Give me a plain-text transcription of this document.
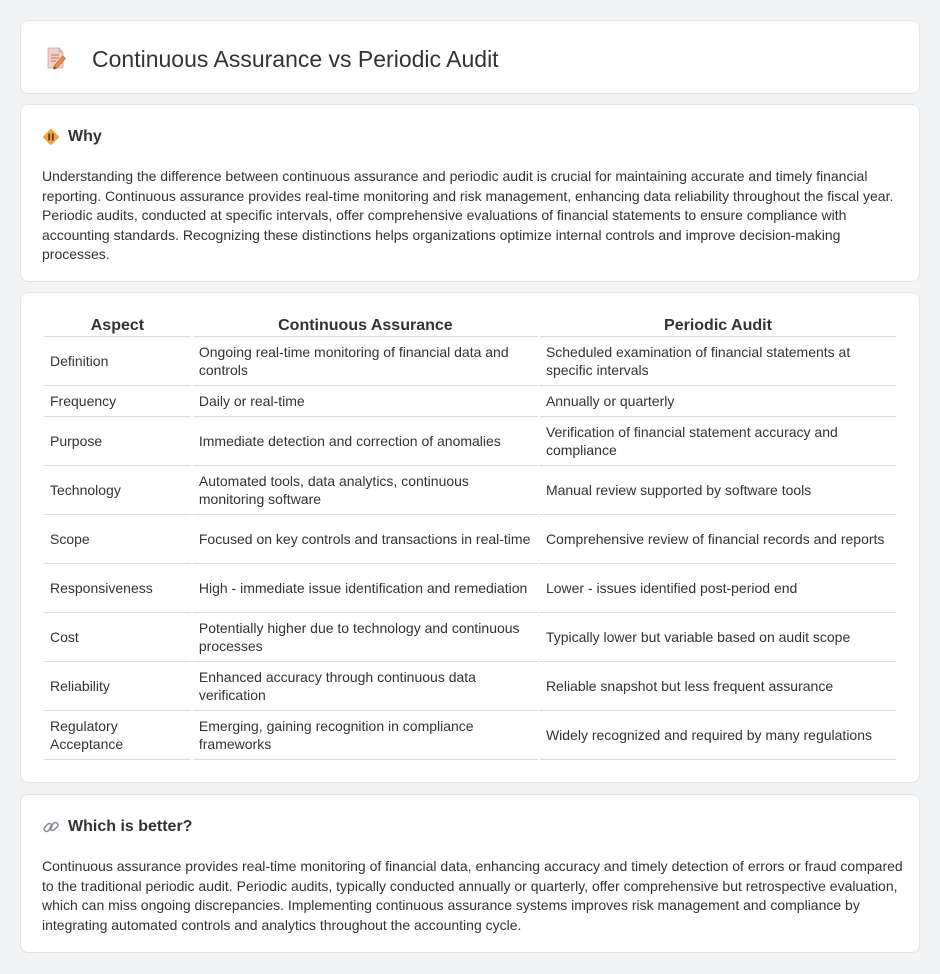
Continuous Assurance vs Periodic Audit
Why

Understanding the difference between continuous assurance and periodic audit is crucial for maintaining accurate and timely financial reporting. Continuous assurance provides real-time monitoring and risk management, enhancing data reliability throughout the fiscal year. Periodic audits, conducted at specific intervals, offer comprehensive evaluations of financial statements to ensure compliance with accounting standards. Recognizing these distinctions helps organizations optimize internal controls and improve decision-making processes.

Aspect	Continuous Assurance	Periodic Audit
Definition	Ongoing real-time monitoring of financial data and controls	Scheduled examination of financial statements at specific intervals
Frequency	Daily or real-time	Annually or quarterly
Purpose	Immediate detection and correction of anomalies	Verification of financial statement accuracy and compliance
Technology	Automated tools, data analytics, continuous monitoring software	Manual review supported by software tools
Scope	Focused on key controls and transactions in real-time	Comprehensive review of financial records and reports
Responsiveness	High - immediate issue identification and remediation	Lower - issues identified post-period end
Cost	Potentially higher due to technology and continuous processes	Typically lower but variable based on audit scope
Reliability	Enhanced accuracy through continuous data verification	Reliable snapshot but less frequent assurance
Regulatory Acceptance	Emerging, gaining recognition in compliance frameworks	Widely recognized and required by many regulations
Which is better?

Continuous assurance provides real-time monitoring of financial data, enhancing accuracy and timely detection of errors or fraud compared to the traditional periodic audit. Periodic audits, typically conducted annually or quarterly, offer comprehensive but retrospective evaluation, which can miss ongoing discrepancies. Implementing continuous assurance systems improves risk management and compliance by integrating automated controls and analytics throughout the accounting cycle.
